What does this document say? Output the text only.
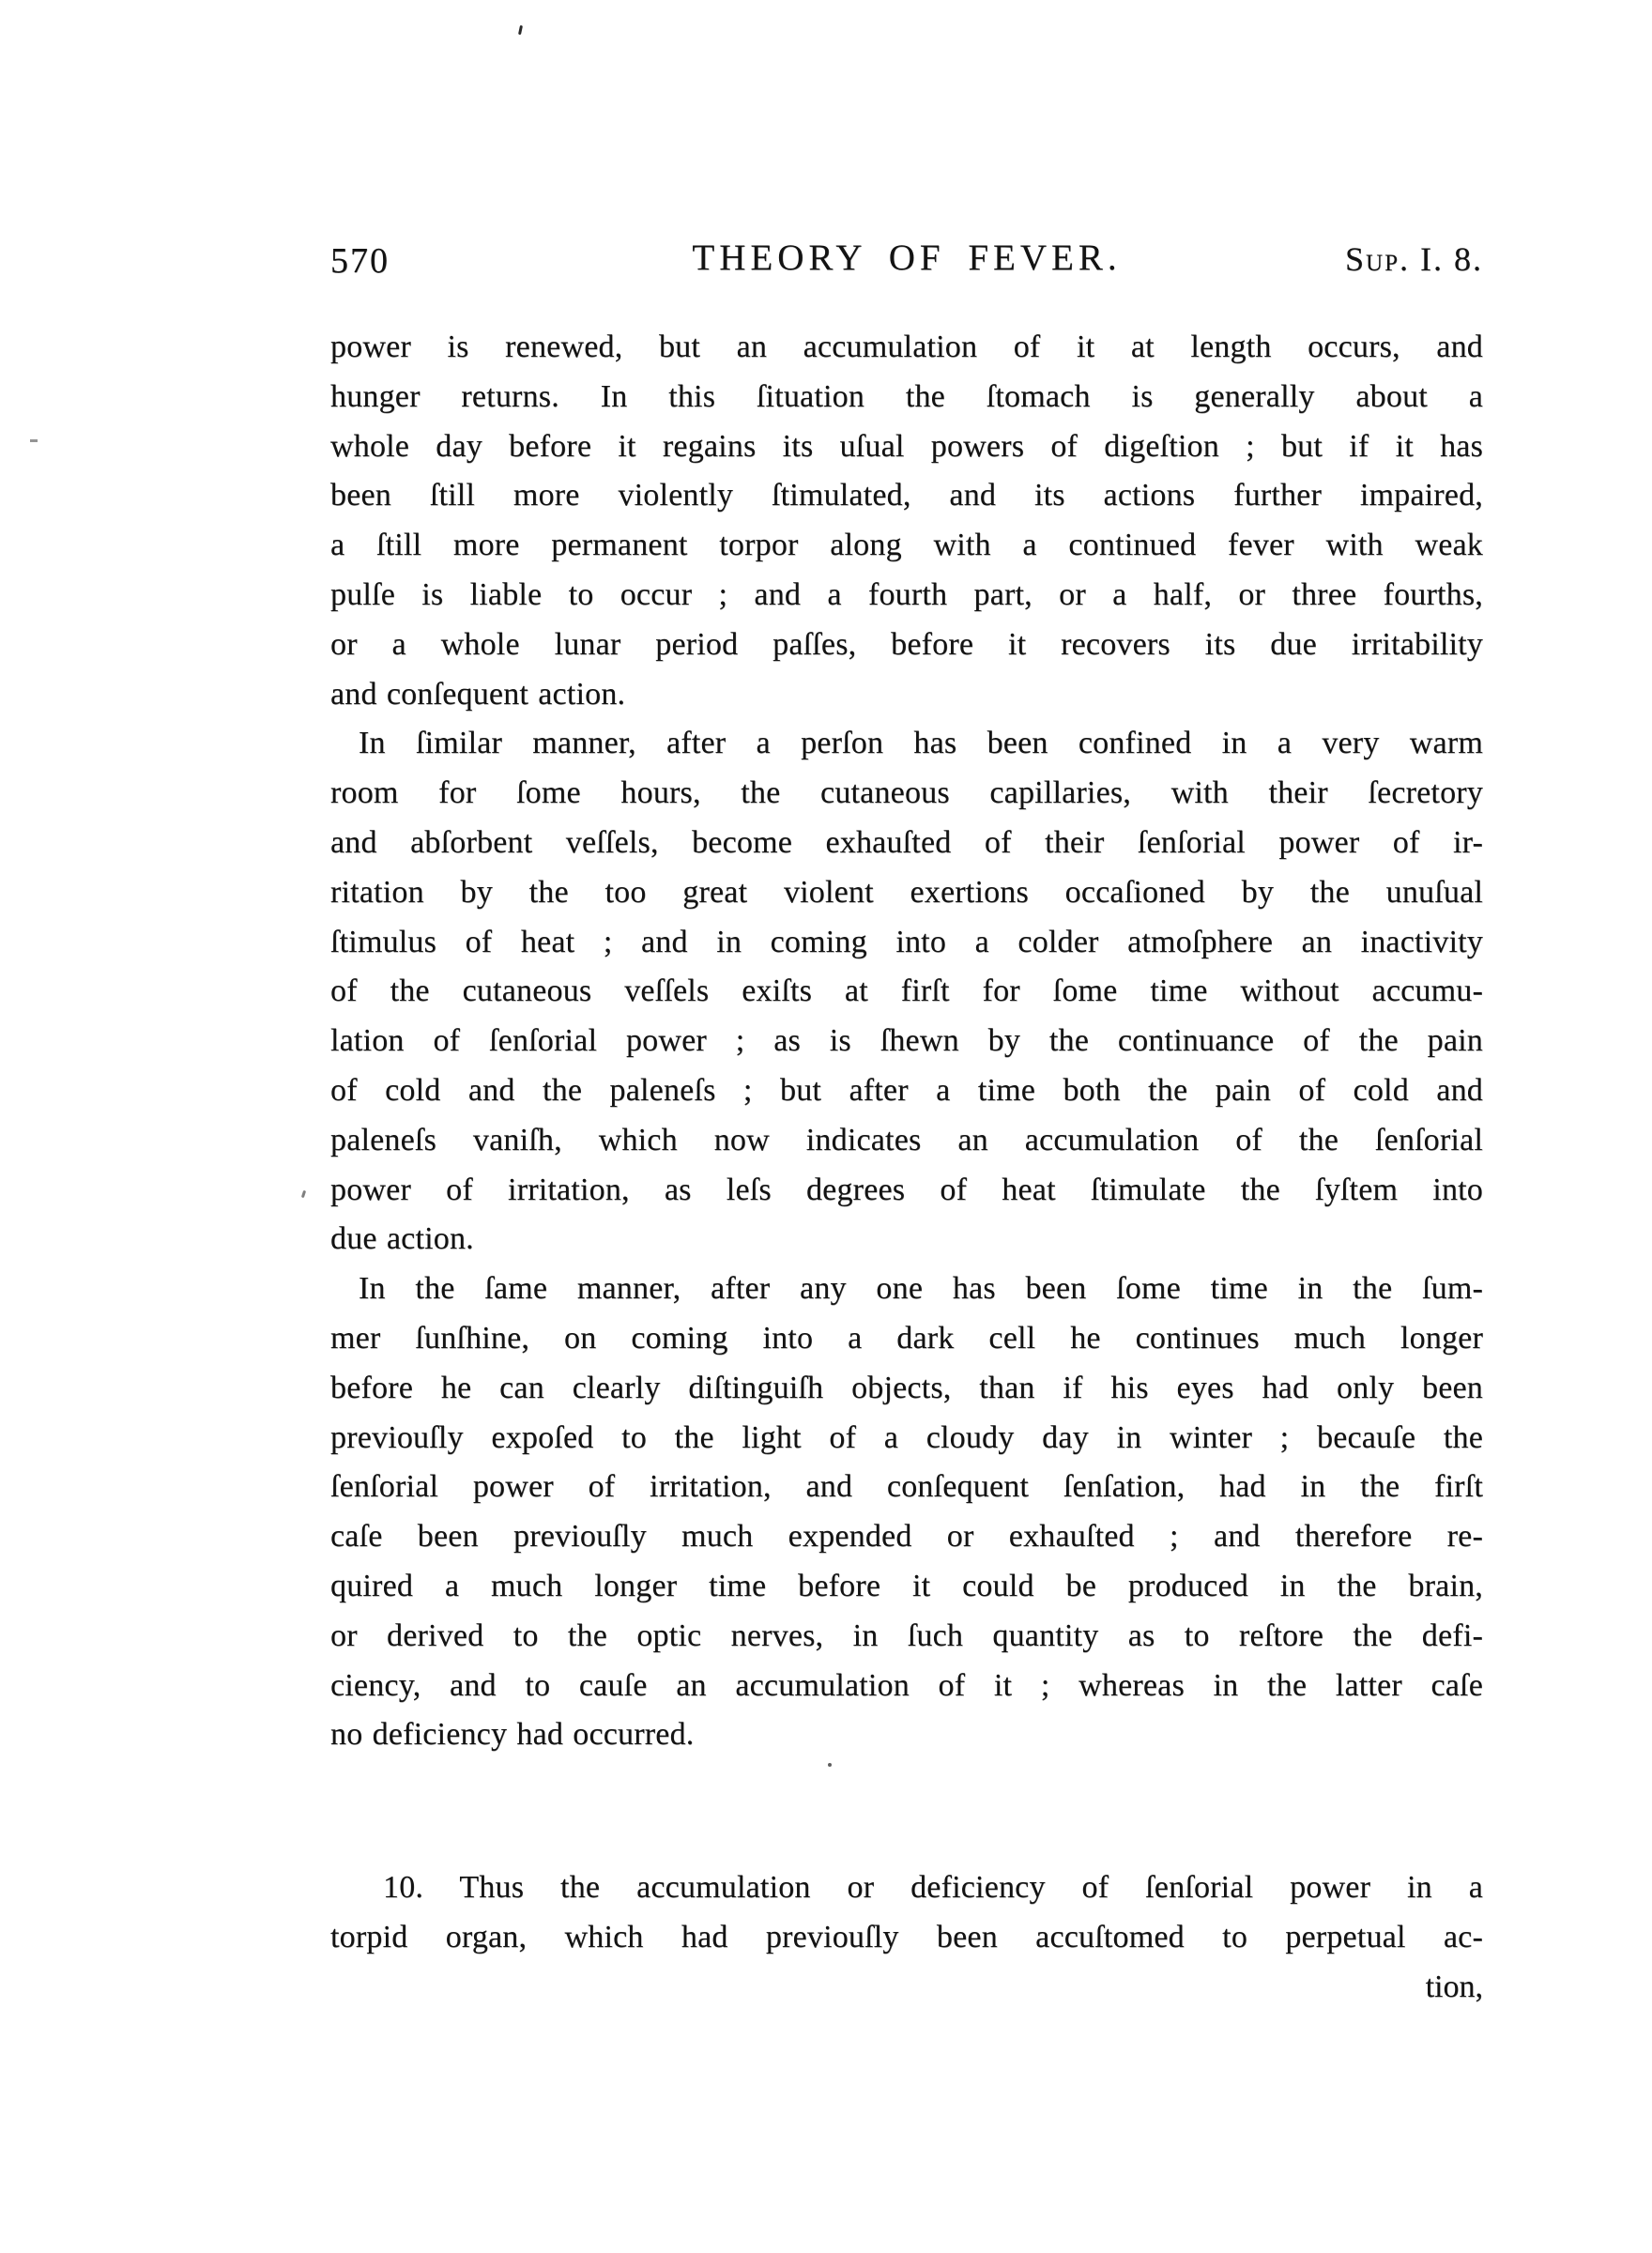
570	THEORY OF FEVER.	Sup. I. 8.
power is renewed, but an accumulation of it at length occurs, and
hunger returns. In this ſituation the ſtomach is generally about a
whole day before it regains its uſual powers of digeſtion ; but if it has
been ſtill more violently ſtimulated, and its actions further impaired,
a ſtill more permanent torpor along with a continued fever with weak
pulſe is liable to occur ; and a fourth part, or a half, or three fourths,
or a whole lunar period paſſes, before it recovers its due irritability
and conſequent action.
In ſimilar manner, after a perſon has been confined in a very warm
room for ſome hours, the cutaneous capillaries, with their ſecretory
and abſorbent veſſels, become exhauſted of their ſenſorial power of ir-
ritation by the too great violent exertions occaſioned by the unuſual
ſtimulus of heat ; and in coming into a colder atmoſphere an inactivity
of the cutaneous veſſels exiſts at firſt for ſome time without accumu-
lation of ſenſorial power ; as is ſhewn by the continuance of the pain
of cold and the paleneſs ; but after a time both the pain of cold and
paleneſs vaniſh, which now indicates an accumulation of the ſenſorial
power of irritation, as leſs degrees of heat ſtimulate the ſyſtem into
due action.
In the ſame manner, after any one has been ſome time in the ſum-
mer ſunſhine, on coming into a dark cell he continues much longer
before he can clearly diſtinguiſh objects, than if his eyes had only been
previouſly expoſed to the light of a cloudy day in winter ; becauſe the
ſenſorial power of irritation, and conſequent ſenſation, had in the firſt
caſe been previouſly much expended or exhauſted ; and therefore re-
quired a much longer time before it could be produced in the brain,
or derived to the optic nerves, in ſuch quantity as to reſtore the defi-
ciency, and to cauſe an accumulation of it ; whereas in the latter caſe
no deficiency had occurred.
10. Thus the accumulation or deficiency of ſenſorial power in a
torpid organ, which had previouſly been accuſtomed to perpetual ac-
tion,
